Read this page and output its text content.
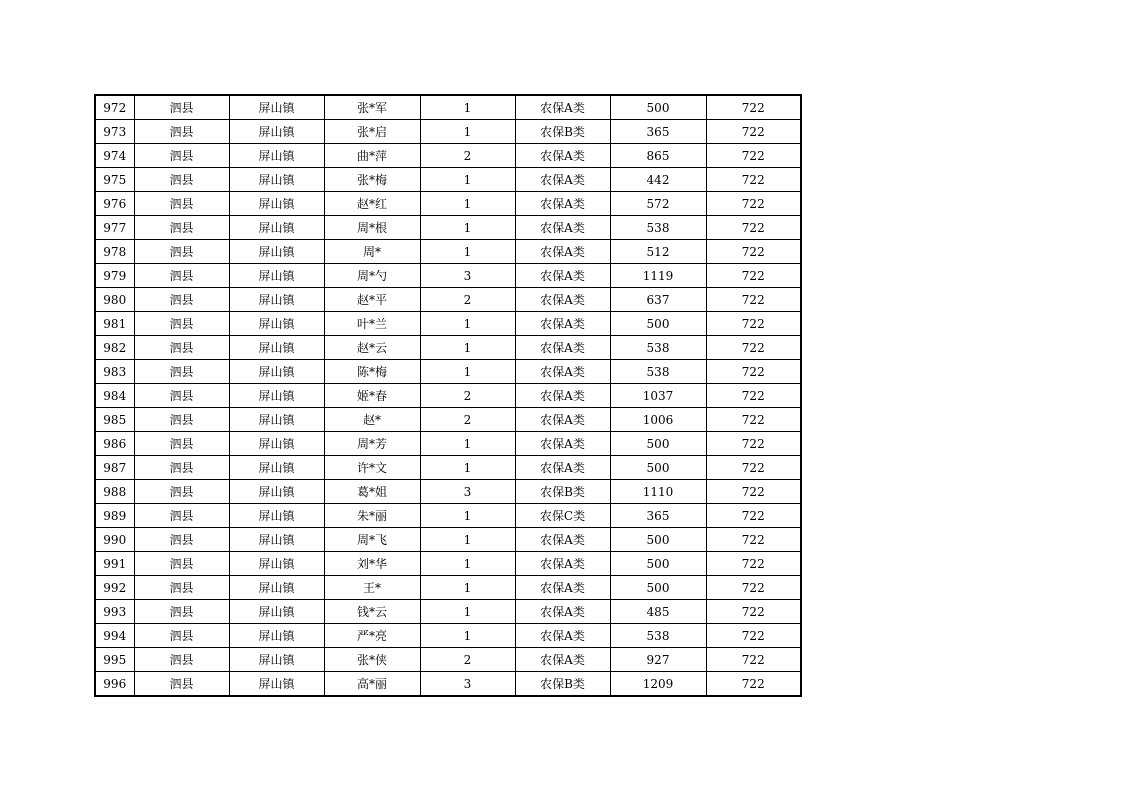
972	泗县	屏山镇	张*军	1	农保A类	500	722
973	泗县	屏山镇	张*启	1	农保B类	365	722
974	泗县	屏山镇	曲*萍	2	农保A类	865	722
975	泗县	屏山镇	张*梅	1	农保A类	442	722
976	泗县	屏山镇	赵*红	1	农保A类	572	722
977	泗县	屏山镇	周*根	1	农保A类	538	722
978	泗县	屏山镇	周*	1	农保A类	512	722
979	泗县	屏山镇	周*勺	3	农保A类	1119	722
980	泗县	屏山镇	赵*平	2	农保A类	637	722
981	泗县	屏山镇	叶*兰	1	农保A类	500	722
982	泗县	屏山镇	赵*云	1	农保A类	538	722
983	泗县	屏山镇	陈*梅	1	农保A类	538	722
984	泗县	屏山镇	姬*春	2	农保A类	1037	722
985	泗县	屏山镇	赵*	2	农保A类	1006	722
986	泗县	屏山镇	周*芳	1	农保A类	500	722
987	泗县	屏山镇	许*文	1	农保A类	500	722
988	泗县	屏山镇	葛*姐	3	农保B类	1110	722
989	泗县	屏山镇	朱*丽	1	农保C类	365	722
990	泗县	屏山镇	周*飞	1	农保A类	500	722
991	泗县	屏山镇	刘*华	1	农保A类	500	722
992	泗县	屏山镇	王*	1	农保A类	500	722
993	泗县	屏山镇	钱*云	1	农保A类	485	722
994	泗县	屏山镇	严*亮	1	农保A类	538	722
995	泗县	屏山镇	张*侠	2	农保A类	927	722
996	泗县	屏山镇	高*丽	3	农保B类	1209	722
